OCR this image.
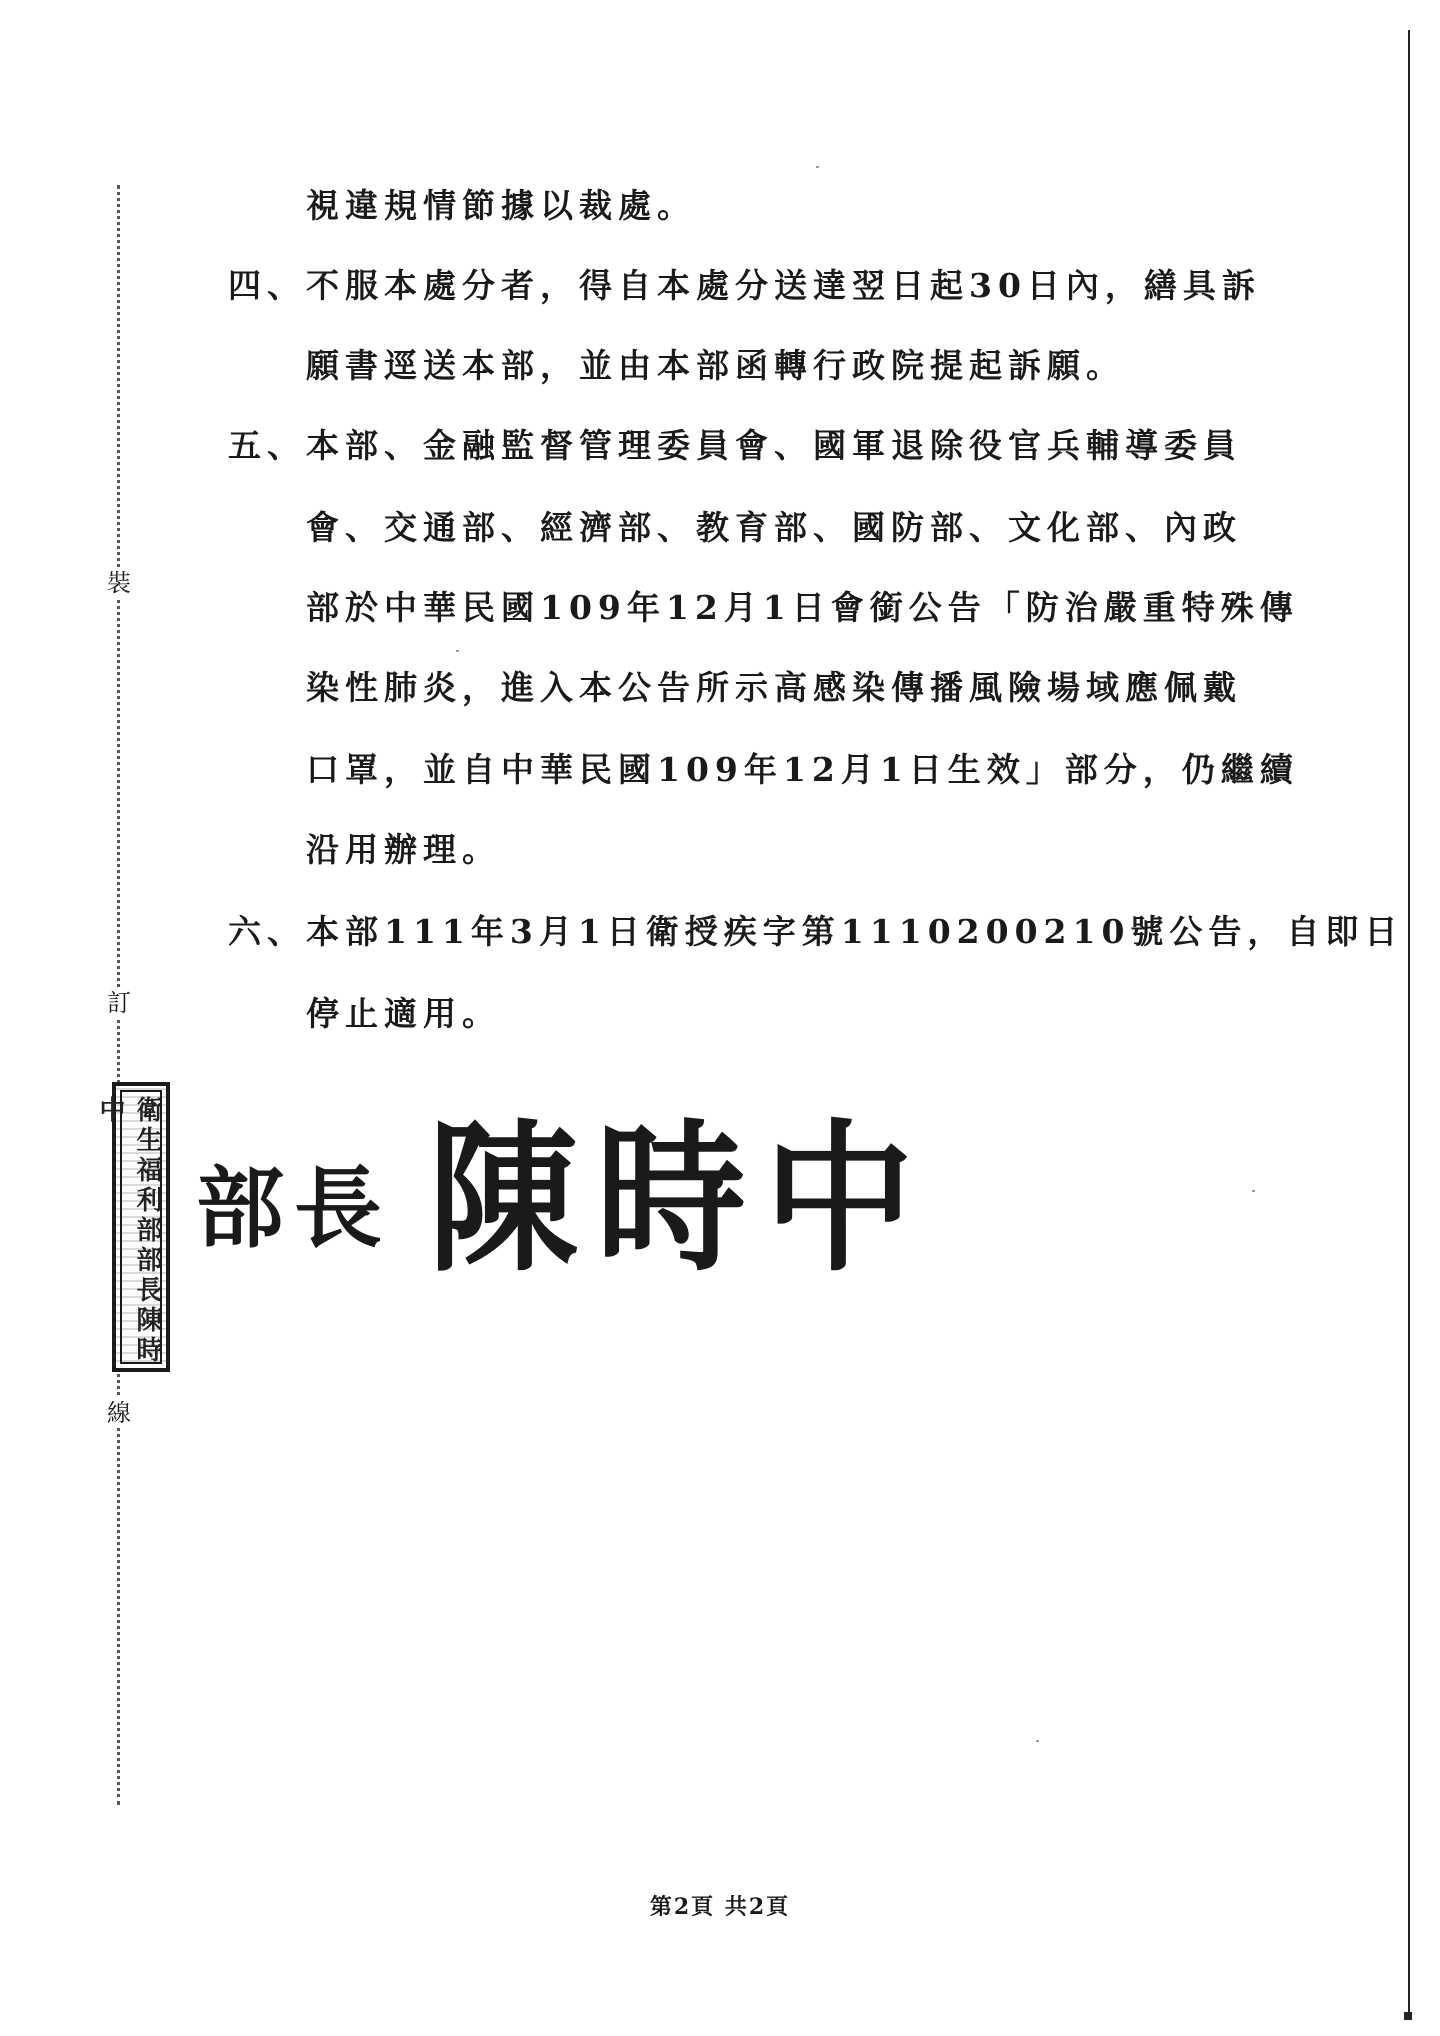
裝
訂
線
視違規情節據以裁處。
四、不服本處分者，得自本處分送達翌日起30日內，繕具訴
願書逕送本部，並由本部函轉行政院提起訴願。
五、本部、金融監督管理委員會、國軍退除役官兵輔導委員
會、交通部、經濟部、教育部、國防部、文化部、內政
部於中華民國109年12月1日會銜公告「防治嚴重特殊傳
染性肺炎，進入本公告所示高感染傳播風險場域應佩戴
口罩，並自中華民國109年12月1日生效」部分，仍繼續
沿用辦理。
六、本部111年3月1日衛授疾字第1110200210號公告，自即日
停止適用。
衛生福利部部長陳時中
部長 陳時中
第2頁 共2頁
